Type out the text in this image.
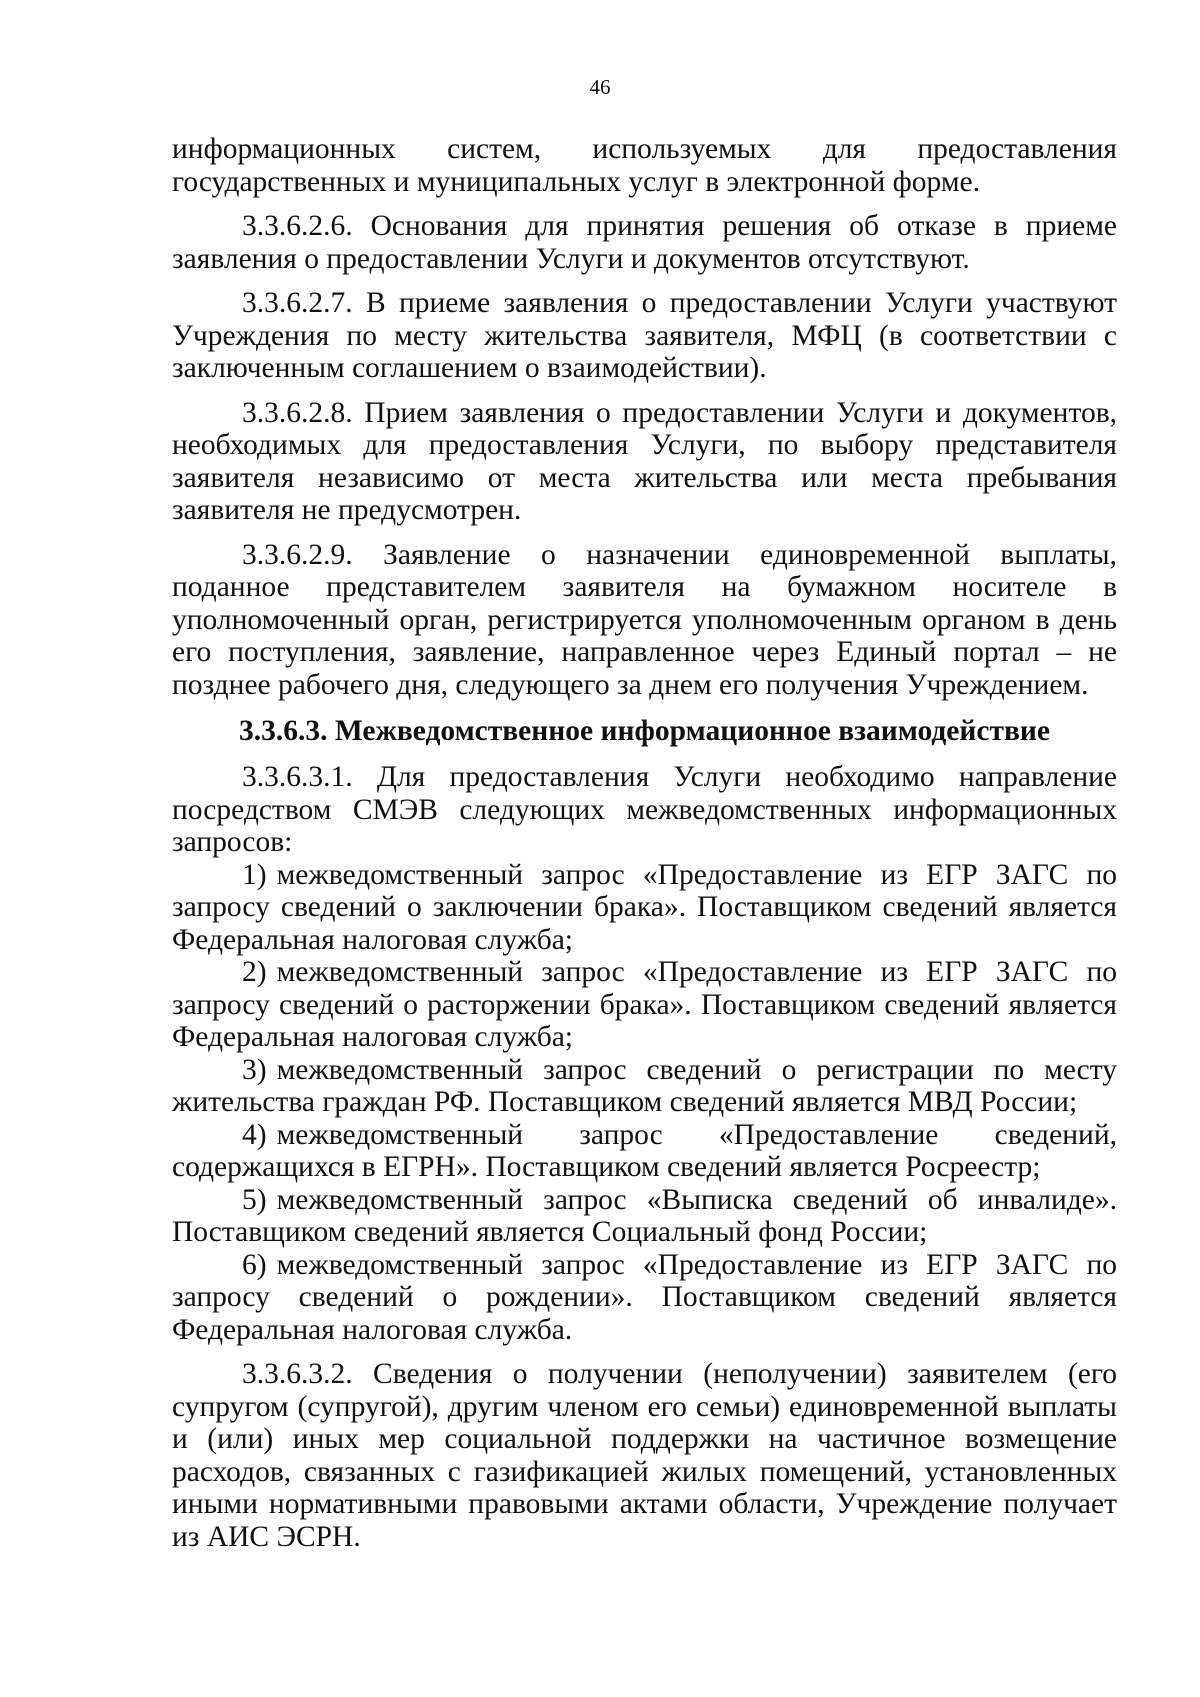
46

информационных систем, используемых для предоставления государственных и муниципальных услуг в электронной форме.

3.3.6.2.6. Основания для принятия решения об отказе в приеме заявления о предоставлении Услуги и документов отсутствуют.

3.3.6.2.7. В приеме заявления о предоставлении Услуги участвуют Учреждения по месту жительства заявителя, МФЦ (в соответствии с заключенным соглашением о взаимодействии).

3.3.6.2.8. Прием заявления о предоставлении Услуги и документов, необходимых для предоставления Услуги, по выбору представителя заявителя независимо от места жительства или места пребывания заявителя не предусмотрен.

3.3.6.2.9. Заявление о назначении единовременной выплаты, поданное представителем заявителя на бумажном носителе в уполномоченный орган, регистрируется уполномоченным органом в день его поступления, заявление, направленное через Единый портал – не позднее рабочего дня, следующего за днем его получения Учреждением.

3.3.6.3. Межведомственное информационное взаимодействие

3.3.6.3.1. Для предоставления Услуги необходимо направление посредством СМЭВ следующих межведомственных информационных запросов:

1) межведомственный запрос «Предоставление из ЕГР ЗАГС по запросу сведений о заключении брака». Поставщиком сведений является Федеральная налоговая служба;
2) межведомственный запрос «Предоставление из ЕГР ЗАГС по запросу сведений о расторжении брака». Поставщиком сведений является Федеральная налоговая служба;
3) межведомственный запрос сведений о регистрации по месту жительства граждан РФ. Поставщиком сведений является МВД России;
4) межведомственный запрос «Предоставление сведений, содержащихся в ЕГРН». Поставщиком сведений является Росреестр;
5) межведомственный запрос «Выписка сведений об инвалиде». Поставщиком сведений является Социальный фонд России;
6) межведомственный запрос «Предоставление из ЕГР ЗАГС по запросу сведений о рождении». Поставщиком сведений является Федеральная налоговая служба.

3.3.6.3.2. Сведения о получении (неполучении) заявителем (его супругом (супругой), другим членом его семьи) единовременной выплаты и (или) иных мер социальной поддержки на частичное возмещение расходов, связанных с газификацией жилых помещений, установленных иными нормативными правовыми актами области, Учреждение получает из АИС ЭСРН.
